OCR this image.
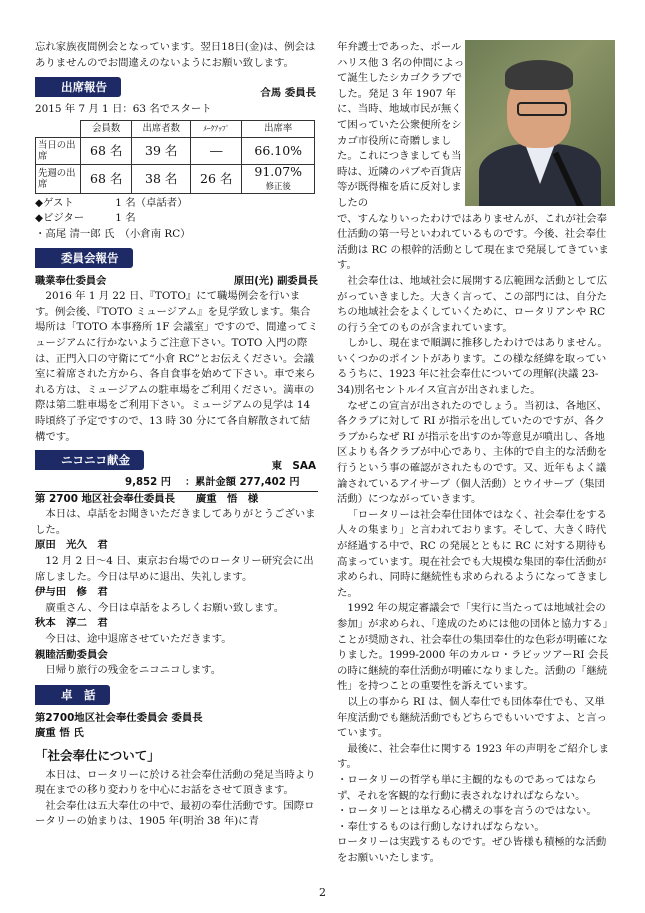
忘れ家族夜間例会となっています。翌日18日(金)は、例会はありませんのでお間違えのないようにお願い致します。

出席報告	合馬 委員長

2015 年 7 月 1 日：63 名でスタート

	会員数	出席者数	ﾒｰｸｱｯﾌﾟ	出席率
当日の出席	68 名	39 名	―	66.10%
先週の出席	68 名	38 名	26 名	91.07%
修正後

◆ゲスト　　　　1 名（卓話者）

◆ビジター　　　1 名

・高尾 清一郎 氏　（小倉南 RC）

委員会報告
職業奉仕委員会	原田(光) 副委員長

2016 年 1 月 22 日、『TOTO』にて職場例会を行います。例会後、『TOTO ミュージアム』を見学致します。集合場所は「TOTO 本事務所 1F 会議室」ですので、間違ってミュージアムに行かないようご注意下さい。TOTO 入門の際は、正門入口の守衛にて“小倉 RC”とお伝えください。会議室に着席された方から、各自食事を始めて下さい。車で来られる方は、ミュージアムの駐車場をご利用ください。満車の際は第二駐車場をご利用下さい。ミュージアムの見学は 14 時頃終了予定ですので、13 時 30 分にて各自解散されて結構です。

ニコニコ献金	東　SAA
9,852 円 ：累計金額 277,402 円

第 2700 地区社会奉仕委員長　　廣重　悟　様

本日は、卓話をお聞きいただきましてありがとうございました。

原田　光久　君

12 月 2 日～4 日、東京お台場でのロータリー研究会に出席しました。今日は早めに退出、失礼します。

伊与田　修　君

廣重さん、今日は卓話をよろしくお願い致します。

秋本　淳二　君

今日は、途中退席させていただきます。

親睦活動委員会

日帰り旅行の残金をニコニコします。

卓　話

第2700地区社会奉仕委員会 委員長

廣重 悟 氏

「社会奉仕について」

本日は、ロータリーに於ける社会奉仕活動の発足当時より現在までの移り変わりを中心にお話をさせて頂きます。

社会奉仕は五大奉仕の中で、最初の奉仕活動です。国際ロータリーの始まりは、1905 年(明治 38 年)に青

年弁護士であった、ポールハリス他 3 名の仲間によって誕生したシカゴクラブでした。発足 3 年 1907 年に、当時、地域市民が無くて困っていた公衆便所をシカゴ市役所に奇贈しました。これにつきましても当時は、近隣のパブや百貨店等が既得権を盾に反対しましたの

で、すんなりいったわけではありませんが、これが社会奉仕活動の第一号といわれているものです。今後、社会奉仕活動は RC の根幹的活動として現在まで発展してきています。

社会奉仕は、地域社会に展開する広範囲な活動として広がっていきました。大きく言って、この部門には、自分たちの地域社会をよくしていくために、ロータリアンや RC の行う全てのものが含まれています。

しかし、現在まで順調に推移したわけではありません。いくつかのポイントがあります。この様な経緯を取っているうちに、1923 年に社会奉仕についての理解(決議 23-34)別名セントルイス宣言が出されました。

なぜこの宣言が出されたのでしょう。当初は、各地区、各クラブに対して RI が指示を出していたのですが、各クラブからなぜ RI が指示を出すのか等意見が噴出し、各地区よりも各クラブが中心であり、主体的で自主的な活動を行うという事の確認がされたものです。又、近年もよく議論されているアイサーブ（個人活動）とウイサーブ（集団活動）につながっていきます。

「ロータリーは社会奉仕団体ではなく、社会奉仕をする人々の集まり」と言われております。そして、大きく時代が経過する中で、RC の発展とともに RC に対する期待も高まっています。現在社会でも大規模な集団的奉仕活動が求められ、同時に継続性も求められるようになってきました。

1992 年の規定審議会で「実行に当たっては地域社会の参加」が求められ、「達成のためには他の団体と協力する」ことが奨励され、社会奉仕の集団奉仕的な色彩が明確になりました。1999-2000 年のカルロ・ラビッツアーRI 会長の時に継続的奉仕活動が明確になりました。活動の「継続性」を持つことの重要性を訴えています。

以上の事から RI は、個人奉仕でも団体奉仕でも、又単年度活動でも継続活動でもどちらでもいいですよ、と言っています。

最後に、社会奉仕に関する 1923 年の声明をご紹介します。

・ロータリーの哲学も単に主観的なものであってはならず、それを客観的な行動に表されなければならない。

・ロータリーとは単なる心構えの事を言うのではない。

・奉仕するものは行動しなければならない。

ロータリーは実践するものです。ぜひ皆様も積極的な活動をお願いいたします。

2
